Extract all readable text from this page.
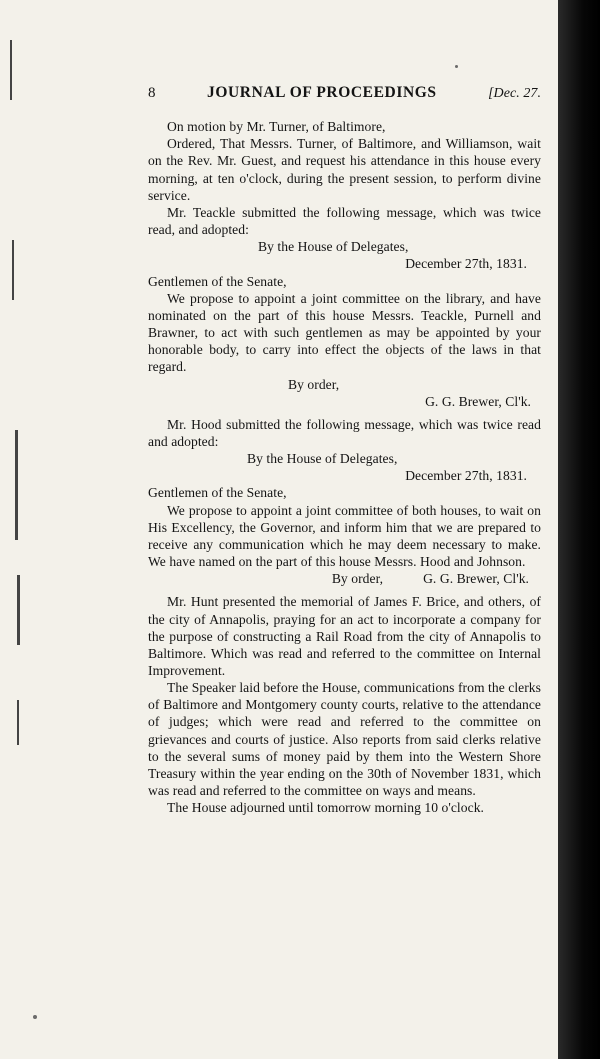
8	JOURNAL OF PROCEEDINGS	[Dec. 27.

On motion by Mr. Turner, of Baltimore,

Ordered, That Messrs. Turner, of Baltimore, and Williamson, wait on the Rev. Mr. Guest, and request his attendance in this house every morning, at ten o'clock, during the present session, to perform divine service.

Mr. Teackle submitted the following message, which was twice read, and adopted:

By the House of Delegates,

December 27th, 1831.

Gentlemen of the Senate,

We propose to appoint a joint committee on the library, and have nominated on the part of this house Messrs. Teackle, Purnell and Brawner, to act with such gentlemen as may be appointed by your honorable body, to carry into effect the objects of the laws in that regard.

By order,

G. G. Brewer, Cl'k.

Mr. Hood submitted the following message, which was twice read and adopted:

By the House of Delegates,

December 27th, 1831.

Gentlemen of the Senate,

We propose to appoint a joint committee of both houses, to wait on His Excellency, the Governor, and inform him that we are prepared to receive any communication which he may deem necessary to make. We have named on the part of this house Messrs. Hood and Johnson.

By order,	G. G. Brewer, Cl'k.

Mr. Hunt presented the memorial of James F. Brice, and others, of the city of Annapolis, praying for an act to incorporate a company for the purpose of constructing a Rail Road from the city of Annapolis to Baltimore. Which was read and referred to the committee on Internal Improvement.

The Speaker laid before the House, communications from the clerks of Baltimore and Montgomery county courts, relative to the attendance of judges; which were read and referred to the committee on grievances and courts of justice. Also reports from said clerks relative to the several sums of money paid by them into the Western Shore Treasury within the year ending on the 30th of November 1831, which was read and referred to the committee on ways and means.

The House adjourned until tomorrow morning 10 o'clock.
